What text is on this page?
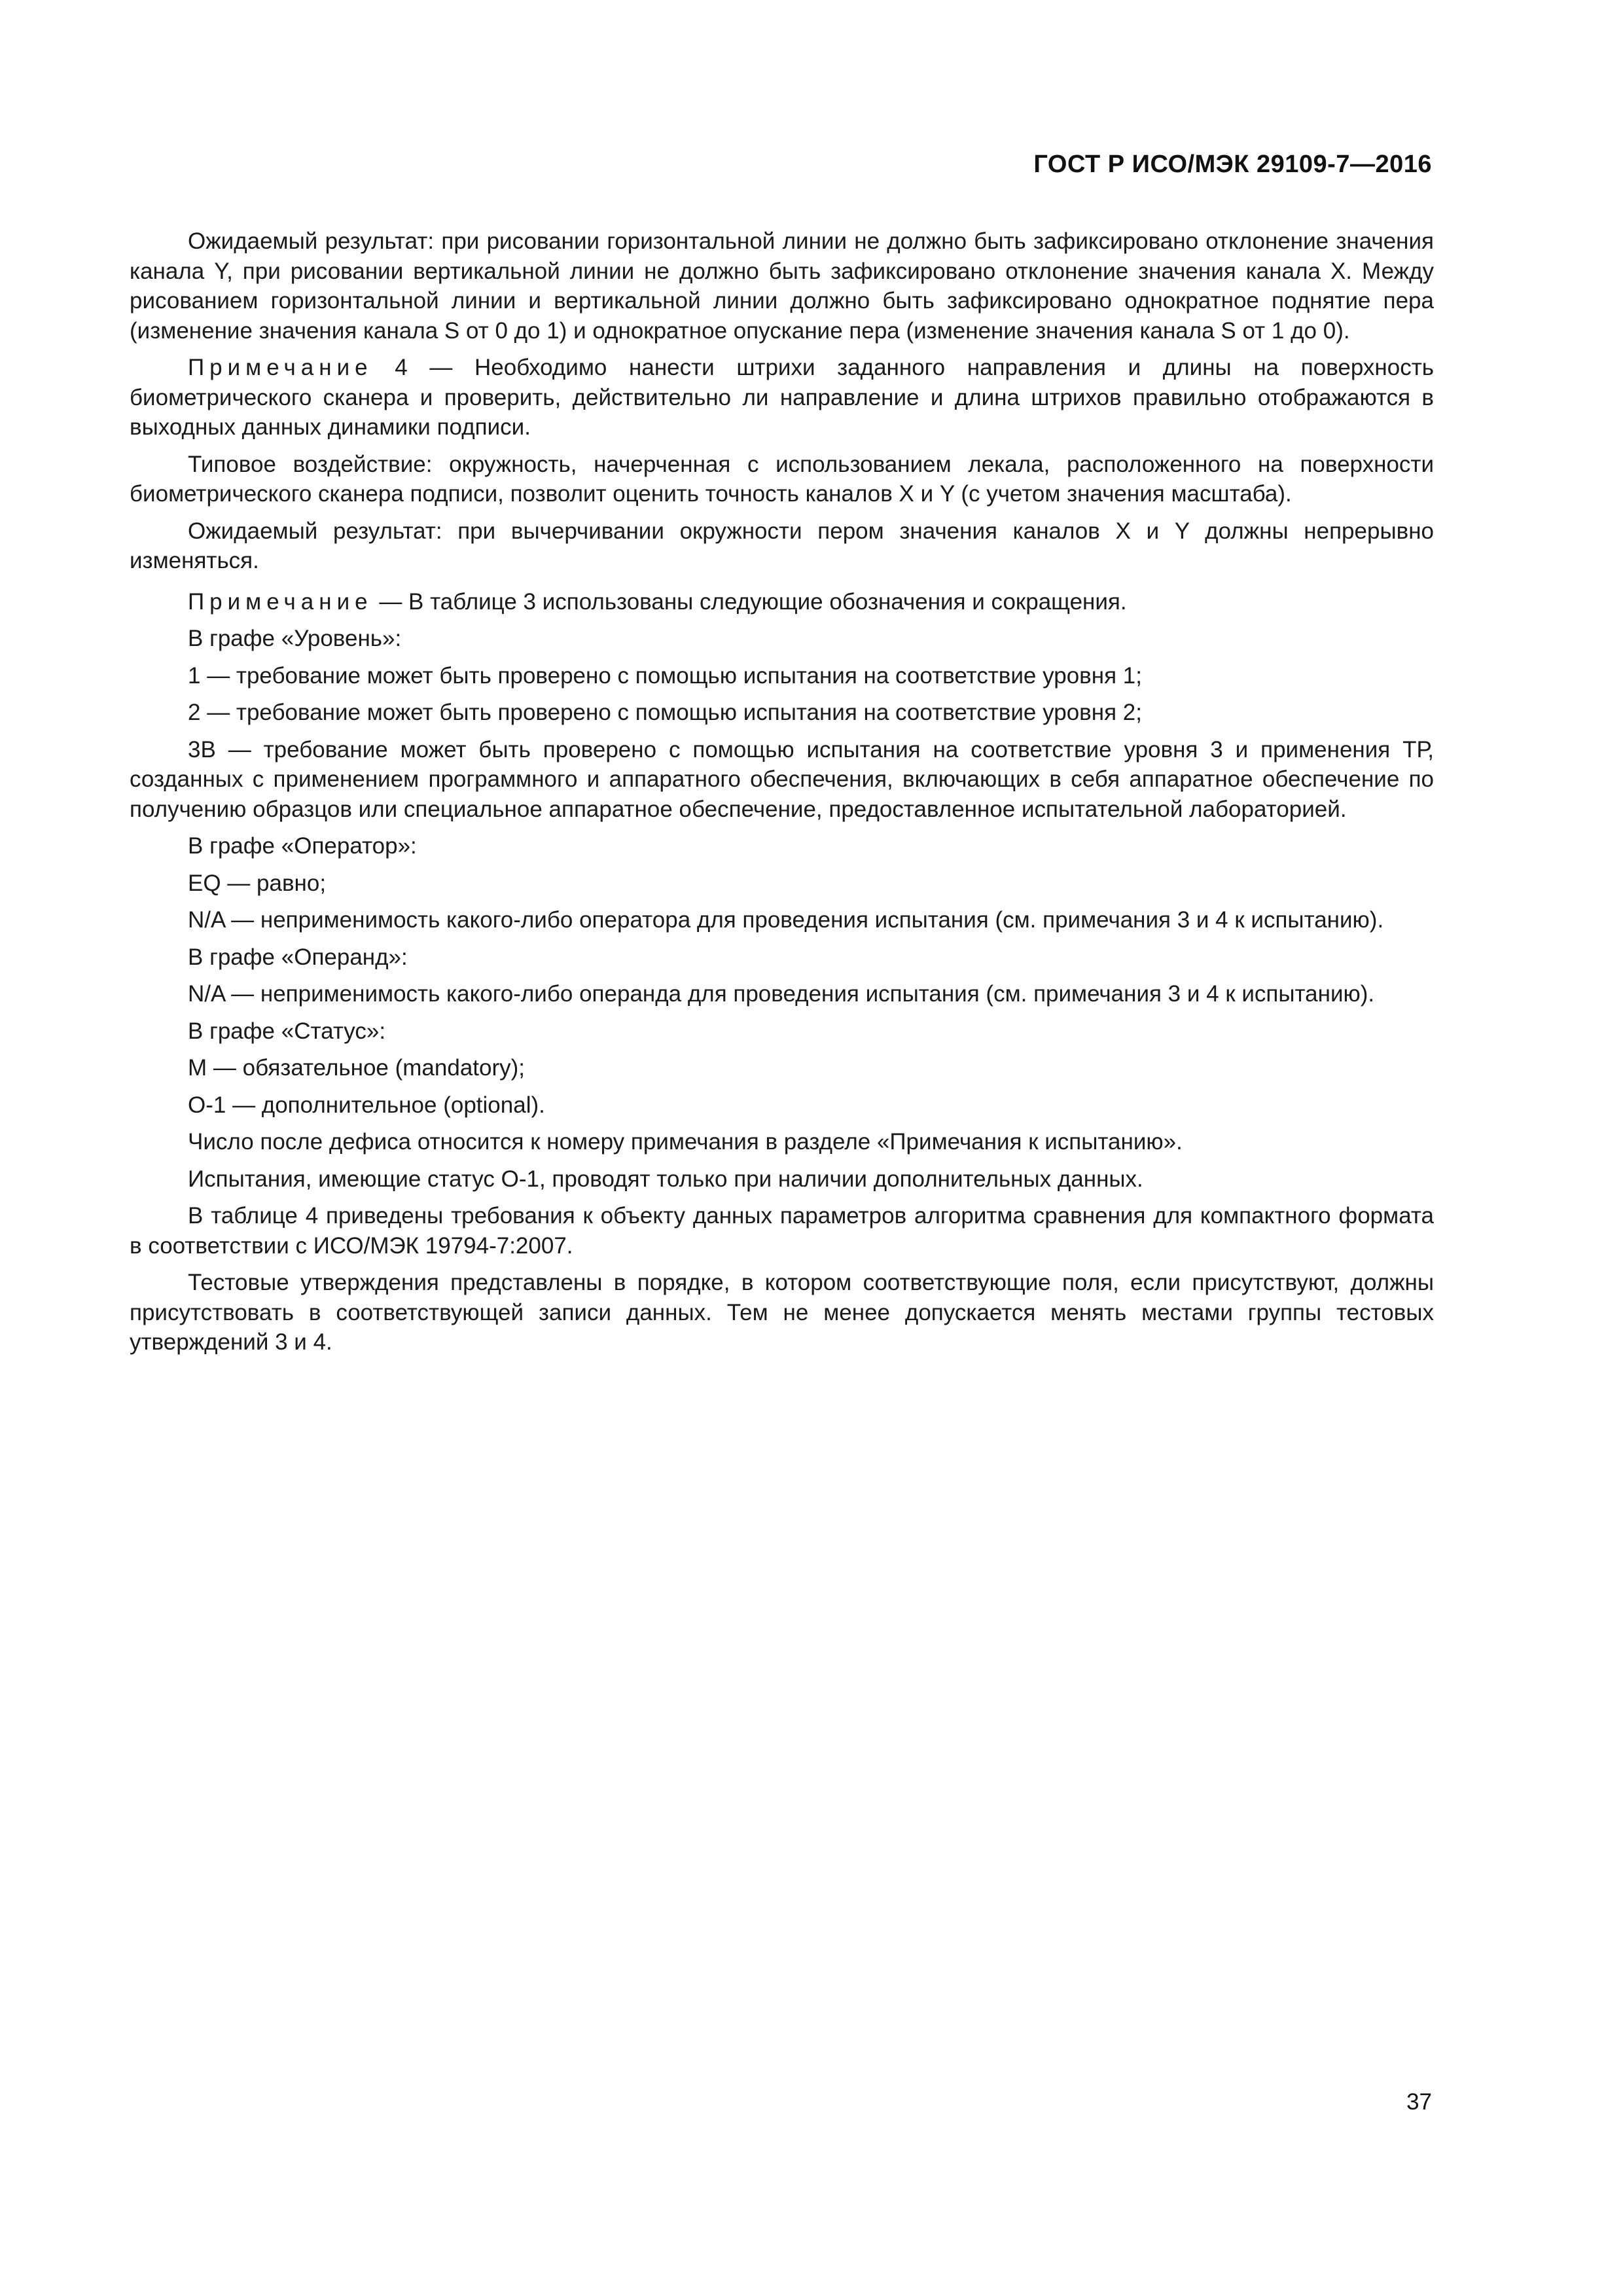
ГОСТ Р ИСО/МЭК 29109-7—2016

Ожидаемый результат: при рисовании горизонтальной линии не должно быть зафиксировано отклонение значения канала Y, при рисовании вертикальной линии не должно быть зафиксировано отклонение значения канала X. Между рисованием горизонтальной линии и вертикальной линии должно быть зафиксировано однократное поднятие пера (изменение значения канала S от 0 до 1) и однократное опускание пера (изменение значения канала S от 1 до 0).

Примечание 4 — Необходимо нанести штрихи заданного направления и длины на поверхность биометрического сканера и проверить, действительно ли направление и длина штрихов правильно отображаются в выходных данных динамики подписи.

Типовое воздействие: окружность, начерченная с использованием лекала, расположенного на поверхности биометрического сканера подписи, позволит оценить точность каналов X и Y (с учетом значения масштаба).

Ожидаемый результат: при вычерчивании окружности пером значения каналов X и Y должны непрерывно изменяться.

Примечание — В таблице 3 использованы следующие обозначения и сокращения.

В графе «Уровень»:

1 — требование может быть проверено с помощью испытания на соответствие уровня 1;

2 — требование может быть проверено с помощью испытания на соответствие уровня 2;

3В — требование может быть проверено с помощью испытания на соответствие уровня 3 и применения ТР, созданных с применением программного и аппаратного обеспечения, включающих в себя аппаратное обеспечение по получению образцов или специальное аппаратное обеспечение, предоставленное испытательной лабораторией.

В графе «Оператор»:

EQ — равно;

N/A — неприменимость какого-либо оператора для проведения испытания (см. примечания 3 и 4 к испытанию).

В графе «Операнд»:

N/A — неприменимость какого-либо операнда для проведения испытания (см. примечания 3 и 4 к испытанию).

В графе «Статус»:

М — обязательное (mandatory);

О-1 — дополнительное (optional).

Число после дефиса относится к номеру примечания в разделе «Примечания к испытанию».

Испытания, имеющие статус О-1, проводят только при наличии дополнительных данных.

В таблице 4 приведены требования к объекту данных параметров алгоритма сравнения для компактного формата в соответствии с ИСО/МЭК 19794-7:2007.

Тестовые утверждения представлены в порядке, в котором соответствующие поля, если присутствуют, должны присутствовать в соответствующей записи данных. Тем не менее допускается менять местами группы тестовых утверждений 3 и 4.

37
